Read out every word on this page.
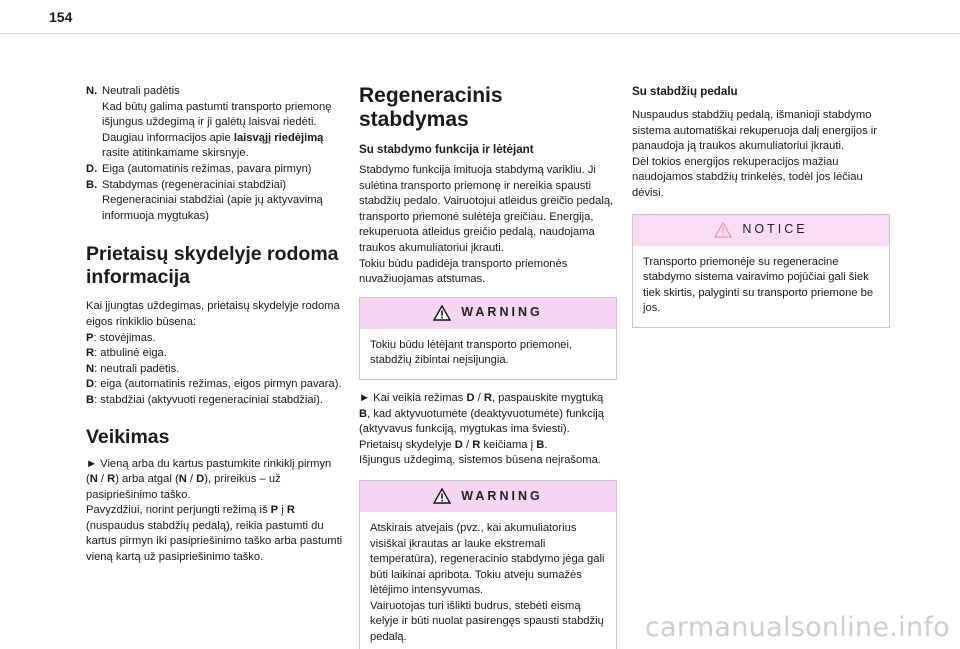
154
N. Neutrali padėtis

Kad būtų galima pastumti transporto priemonę išjungus uždegimą ir ji galėtų laisvai riedėti.

Daugiau informacijos apie laisvąjį riedėjimą rasite atitinkamame skirsnyje.

D. Eiga (automatinis režimas, pavara pirmyn)

B. Stabdymas (regeneraciniai stabdžiai)

Regeneraciniai stabdžiai (apie jų aktyvavimą informuoja mygtukas)

Prietaisų skydelyje rodoma informacija

Kai įjungtas uždegimas, prietaisų skydelyje rodoma eigos rinkiklio būsena:

P: stovėjimas.

R: atbulinė eiga.

N: neutrali padėtis.

D: eiga (automatinis režimas, eigos pirmyn pavara).

B: stabdžiai (aktyvuoti regeneraciniai stabdžiai).

Veikimas

► Vieną arba du kartus pastumkite rinkiklį pirmyn (N / R) arba atgal (N / D), prireikus – už pasipriešinimo taško.

Pavyzdžiui, norint perjungti režimą iš P į R (nuspaudus stabdžių pedalą), reikia pastumti du kartus pirmyn iki pasipriešinimo taško arba pastumti vieną kartą už pasipriešinimo taško.

Regeneracinis stabdymas
Su stabdymo funkcija ir lėtėjant

Stabdymo funkcija imituoja stabdymą varikliu. Ji sulėtina transporto priemonę ir nereikia spausti stabdžių pedalo. Vairuotojui atleidus greičio pedalą, transporto priemonė sulėtėja greičiau. Energija, rekuperuota atleidus greičio pedalą, naudojama traukos akumuliatoriui įkrauti.

Tokiu būdu padidėja transporto priemonės nuvažiuojamas atstumas.

WARNING
Tokiu būdu lėtėjant transporto priemonei, stabdžių žibintai neįsijungia.

► Kai veikia režimas D / R, paspauskite mygtuką B, kad aktyvuotumėte (deaktyvuotumėte) funkciją (aktyvavus funkciją, mygtukas ima šviesti).

Prietaisų skydelyje D / R keičiama į B.

Išjungus uždegimą, sistemos būsena neįrašoma.

WARNING

Atskirais atvejais (pvz., kai akumuliatorius visiškai įkrautas ar lauke ekstremali temperatūra), regeneracinio stabdymo jėga gali būti laikinai apribota. Tokiu atveju sumažės lėtėjimo intensyvumas.

Vairuotojas turi išlikti budrus, stebėti eismą kelyje ir būti nuolat pasirengęs spausti stabdžių pedalą.

Su stabdžių pedalu

Nuspaudus stabdžių pedalą, išmanioji stabdymo sistema automatiškai rekuperuoja dalį energijos ir panaudoja ją traukos akumuliatoriui įkrauti.

Dėl tokios energijos rekuperacijos mažiau naudojamos stabdžių trinkelės, todėl jos lėčiau dėvisi.

NOTICE
Transporto priemonėje su regeneracine stabdymo sistema vairavimo pojūčiai gali šiek tiek skirtis, palyginti su transporto priemone be jos.
carmanualsonline.info
